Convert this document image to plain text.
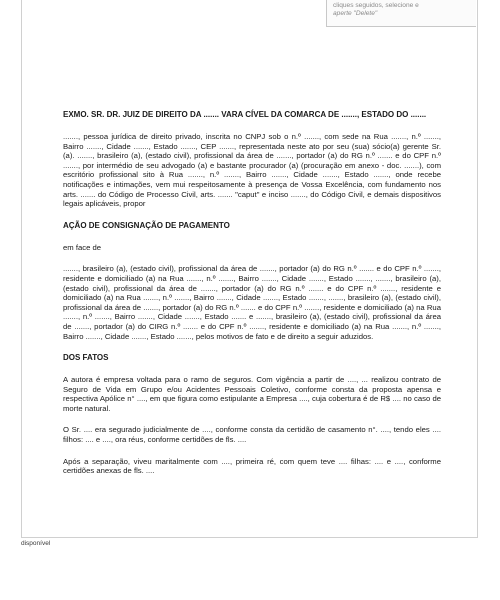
cliques seguidos, selecione e
aperte "Delete"

EXMO. SR. DR. JUIZ DE DIREITO DA ....... VARA CÍVEL DA COMARCA DE ......., ESTADO DO .......

......., pessoa jurídica de direito privado, inscrita no CNPJ sob o n.º ......., com sede na Rua ......., n.º ......., Bairro ......., Cidade ......., Estado ......., CEP ......., representada neste ato por seu (sua) sócio(a) gerente Sr. (a). ......., brasileiro (a), (estado civil), profissional da área de ......., portador (a) do RG n.º ....... e do CPF n.º ......., por intermédio de seu advogado (a) e bastante procurador (a) (procuração em anexo - doc. .......), com escritório profissional sito à Rua ......., n.º ......., Bairro ......., Cidade ......., Estado ......., onde recebe notificações e intimações, vem mui respeitosamente à presença de Vossa Excelência, com fundamento nos arts. ....... do Código de Processo Civil, arts. ....... "caput" e inciso ......., do Código Civil, e demais dispositivos legais aplicáveis, propor

AÇÃO DE CONSIGNAÇÃO DE PAGAMENTO

em face de

......., brasileiro (a), (estado civil), profissional da área de ......., portador (a) do RG n.º ....... e do CPF n.º ......., residente e domiciliado (a) na Rua ......., n.º ......., Bairro ......., Cidade ......., Estado ......., ......., brasileiro (a), (estado civil), profissional da área de ......., portador (a) do RG n.º ....... e do CPF n.º ......., residente e domiciliado (a) na Rua ......., n.º ......., Bairro ......., Cidade ......., Estado ......., ......., brasileiro (a), (estado civil), profissional da área de ......., portador (a) do RG n.º ....... e do CPF n.º ......., residente e domiciliado (a) na Rua ......., n.º ......., Bairro ......., Cidade ......., Estado ....... e ......., brasileiro (a), (estado civil), profissional da área de ......., portador (a) do CIRG n.º ....... e do CPF n.º ......., residente e domiciliado (a) na Rua ......., n.º ......., Bairro ......., Cidade ......., Estado ......., pelos motivos de fato e de direito a seguir aduzidos.

DOS FATOS

A autora é empresa voltada para o ramo de seguros. Com vigência a partir de ...., ... realizou contrato de Seguro de Vida em Grupo e/ou Acidentes Pessoais Coletivo, conforme consta da proposta apensa e respectiva Apólice n° ...., em que figura como estipulante a Empresa ...., cuja cobertura é de R$ .... no caso de morte natural.

O Sr. .... era segurado judicialmente de ...., conforme consta da certidão de casamento n°. ...., tendo eles .... filhos: .... e ...., ora réus, conforme certidões de fls. ....

Após a separação, viveu maritalmente com ...., primeira ré, com quem teve .... filhas: .... e ...., conforme certidões anexas de fls. ....

disponível
